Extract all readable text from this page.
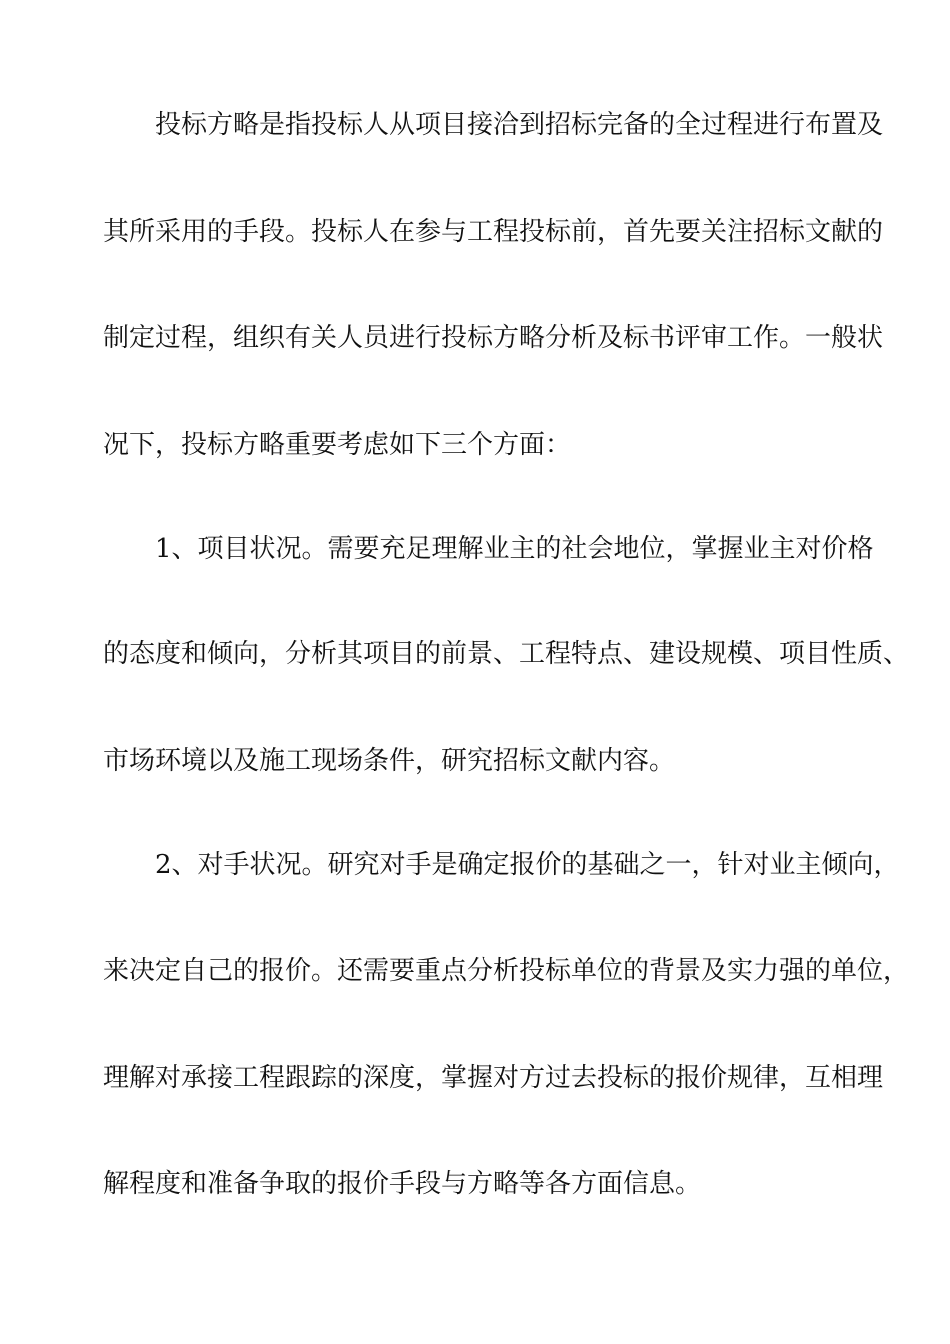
投标方略是指投标人从项目接洽到招标完备的全过程进行布置及
其所采用的手段。投标人在参与工程投标前，首先要关注招标文献的
制定过程，组织有关人员进行投标方略分析及标书评审工作。一般状
况下，投标方略重要考虑如下三个方面：
1、项目状况。需要充足理解业主的社会地位，掌握业主对价格
的态度和倾向，分析其项目的前景、工程特点、建设规模、项目性质、
市场环境以及施工现场条件，研究招标文献内容。
2、对手状况。研究对手是确定报价的基础之一，针对业主倾向，
来决定自己的报价。还需要重点分析投标单位的背景及实力强的单位，
理解对承接工程跟踪的深度，掌握对方过去投标的报价规律，互相理
解程度和准备争取的报价手段与方略等各方面信息。
